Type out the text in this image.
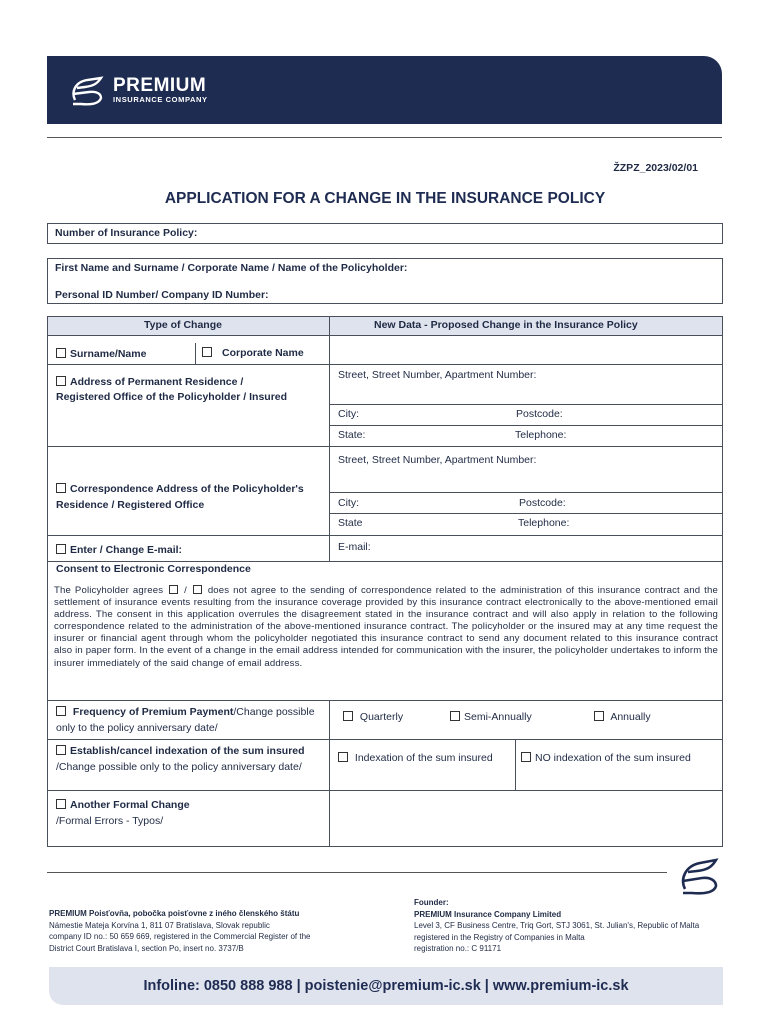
PREMIUM
INSURANCE COMPANY
ŽZPZ_2023/02/01
APPLICATION FOR A CHANGE IN THE INSURANCE POLICY
Number of Insurance Policy:
First Name and Surname / Corporate Name / Name of the Policyholder:
Personal ID Number/ Company ID Number:
Type of Change	New Data - Proposed Change in the Insurance Policy
Surname/Name	Corporate Name
Address of Permanent Residence / Registered Office of the Policyholder / Insured
Street, Street Number, Apartment Number:
City:	Postcode:
State:	Telephone:
Correspondence Address of the Policyholder's Residence / Registered Office
Street, Street Number, Apartment Number:
City:	Postcode:
State	Telephone:
Enter / Change E-mail:	E-mail:
Consent to Electronic Correspondence
The Policyholder agrees / does not agree to the sending of correspondence related to the administration of this insurance contract and the settlement of insurance events resulting from the insurance coverage provided by this insurance contract electronically to the above-mentioned email address. The consent in this application overrules the disagreement stated in the insurance contract and will also apply in relation to the following correspondence related to the administration of the above-mentioned insurance contract. The policyholder or the insured may at any time request the insurer or financial agent through whom the policyholder negotiated this insurance contract to send any document related to this insurance contract also in paper form. In the event of a change in the email address intended for communication with the insurer, the policyholder undertakes to inform the insurer immediately of the said change of email address.
Frequency of Premium Payment/Change possible only to the policy anniversary date/
Quarterly	Semi-Annually	Annually
Establish/cancel indexation of the sum insured /Change possible only to the policy anniversary date/
Indexation of the sum insured	NO indexation of the sum insured
Another Formal Change
/Formal Errors - Typos/
PREMIUM Poisťovňa, pobočka poisťovne z iného členského štátu
Námestie Mateja Korvína 1, 811 07 Bratislava, Slovak republic
company ID no.: 50 659 669, registered in the Commercial Register of the
District Court Bratislava I, section Po, insert no. 3737/B
Founder:
PREMIUM Insurance Company Limited
Level 3, CF Business Centre, Triq Gort, STJ 3061, St. Julian's, Republic of Malta
registered in the Registry of Companies in Malta
registration no.: C 91171
Infoline: 0850 888 988 | poistenie@premium-ic.sk | www.premium-ic.sk
